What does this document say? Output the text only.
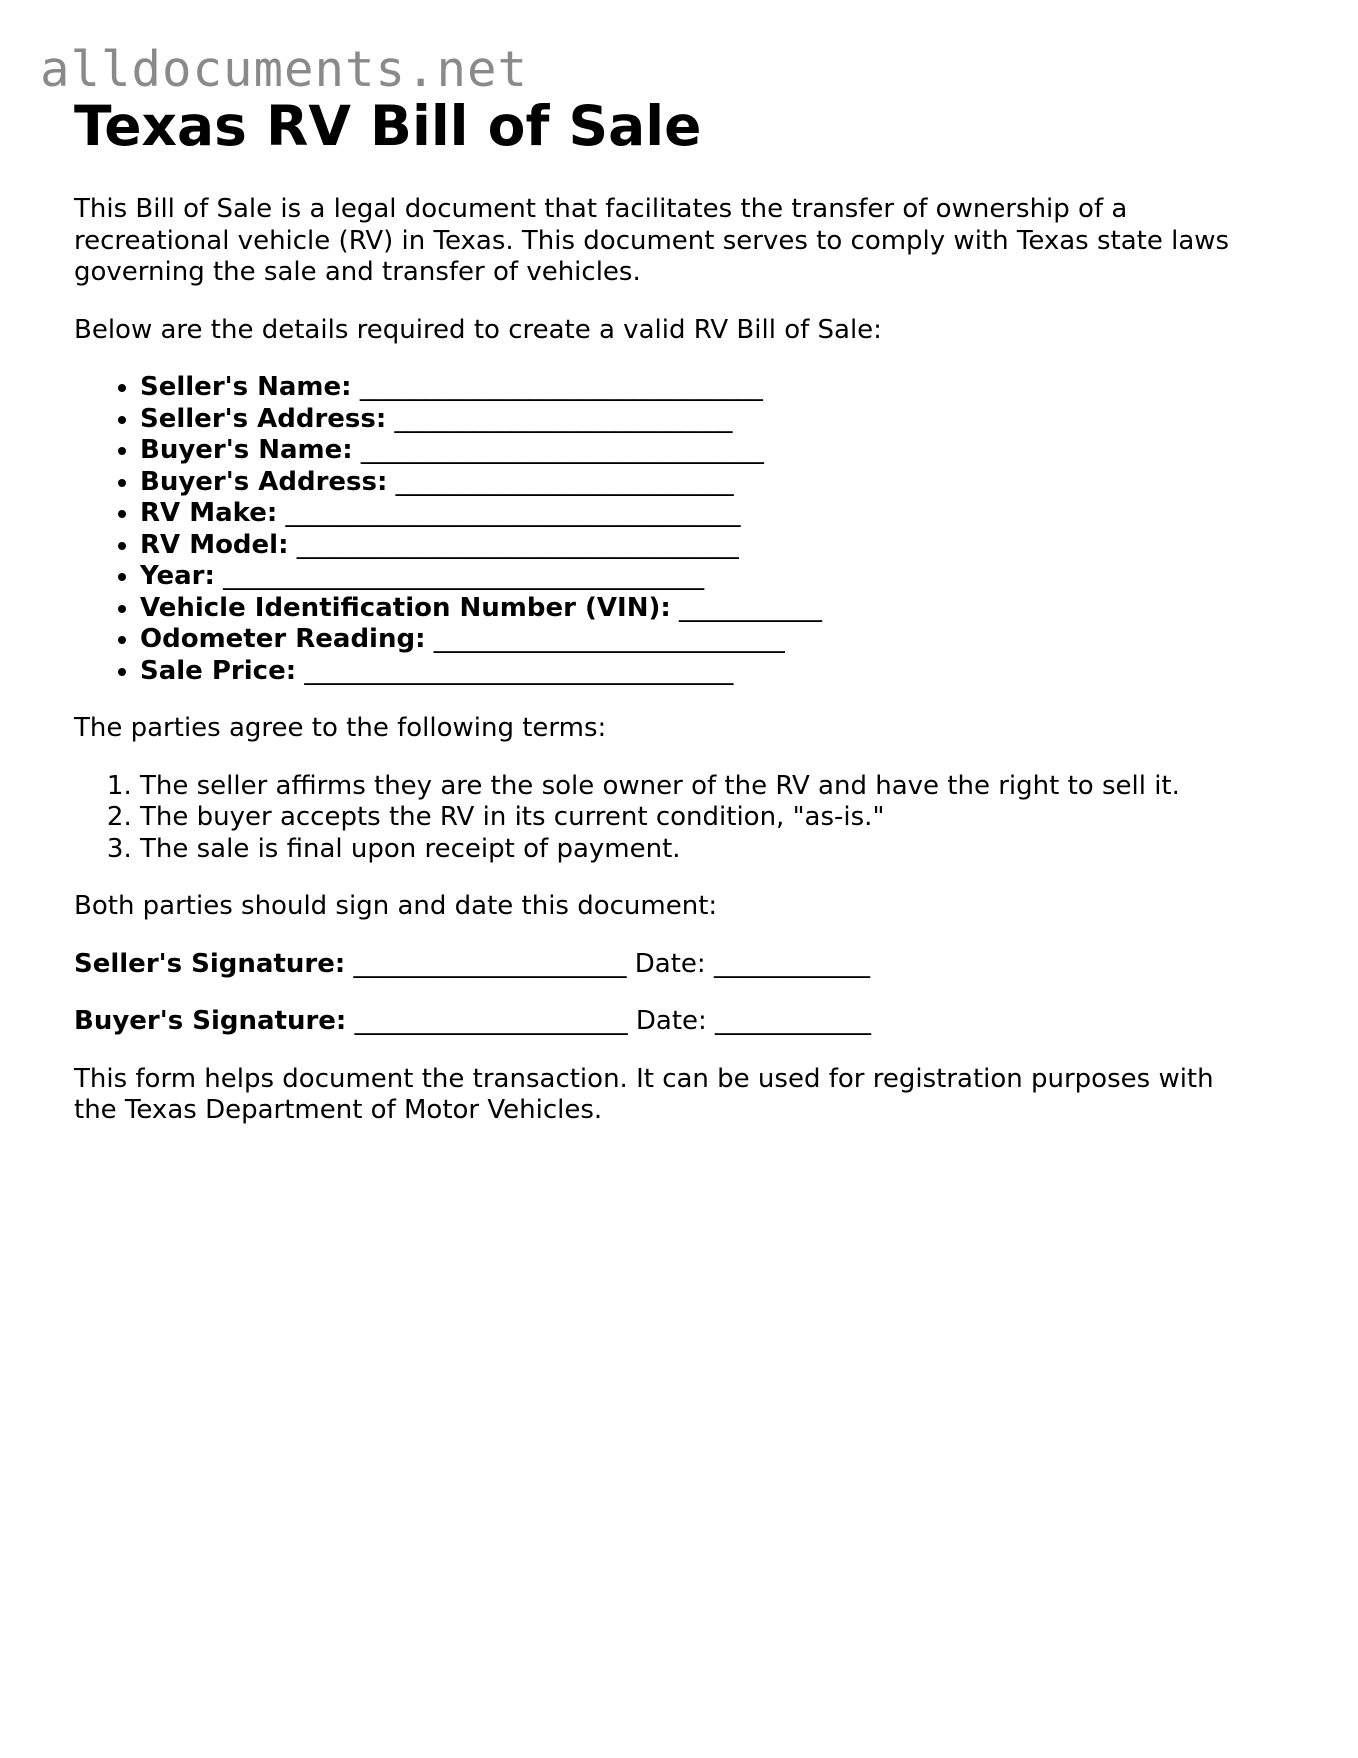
alldocuments.net
Texas RV Bill of Sale

This Bill of Sale is a legal document that facilitates the transfer of ownership of a
recreational vehicle (RV) in Texas. This document serves to comply with Texas state laws
governing the sale and transfer of vehicles.

Below are the details required to create a valid RV Bill of Sale:

• Seller's Name: _______________________________
• Seller's Address: __________________________
• Buyer's Name: _______________________________
• Buyer's Address: __________________________
• RV Make: ___________________________________
• RV Model: __________________________________
• Year: _____________________________________
• Vehicle Identification Number (VIN): ___________
• Odometer Reading: ___________________________
• Sale Price: _________________________________

The parties agree to the following terms:

1. The seller affirms they are the sole owner of the RV and have the right to sell it.
2. The buyer accepts the RV in its current condition, "as-is."
3. The sale is final upon receipt of payment.

Both parties should sign and date this document:

Seller's Signature: _____________________ Date: ____________
Buyer's Signature: _____________________ Date: ____________

This form helps document the transaction. It can be used for registration purposes with
the Texas Department of Motor Vehicles.
